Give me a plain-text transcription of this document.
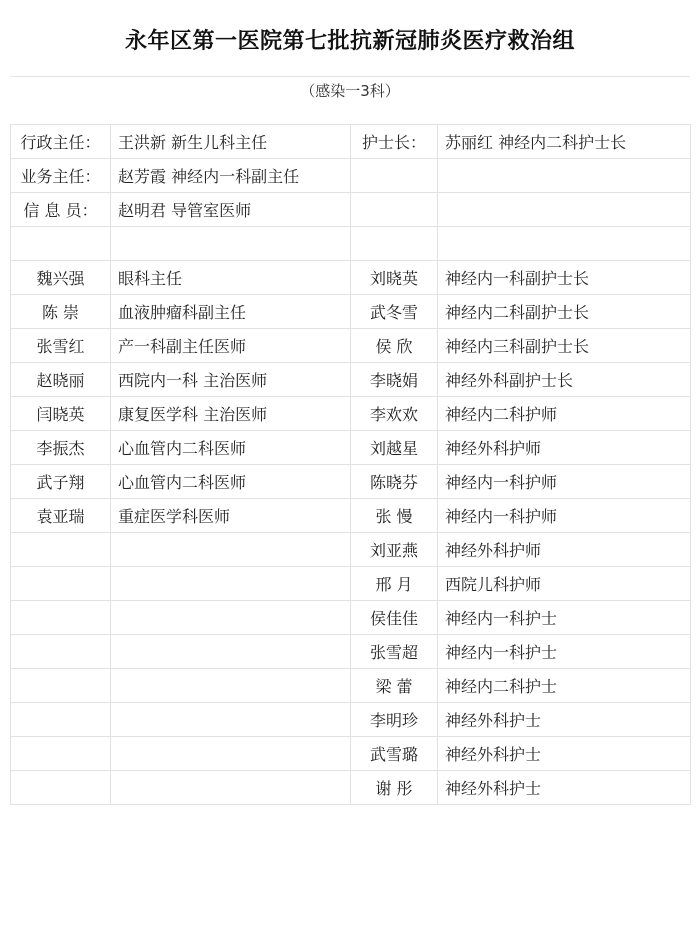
永年区第一医院第七批抗新冠肺炎医疗救治组
（感染一3科）
行政主任：	王洪新 新生儿科主任	护士长：	苏丽红 神经内二科护士长
业务主任：	赵芳霞 神经内一科副主任		
信 息 员：	赵明君 导管室医师		

魏兴强	眼科主任	刘晓英	神经内一科副护士长
陈 崇	血液肿瘤科副主任	武冬雪	神经内二科副护士长
张雪红	产一科副主任医师	侯 欣	神经内三科副护士长
赵晓丽	西院内一科 主治医师	李晓娟	神经外科副护士长
闫晓英	康复医学科 主治医师	李欢欢	神经内二科护师
李振杰	心血管内二科医师	刘越星	神经外科护师
武子翔	心血管内二科医师	陈晓芬	神经内一科护师
袁亚瑞	重症医学科医师	张 慢	神经内一科护师
		刘亚燕	神经外科护师
		邢 月	西院儿科护师
		侯佳佳	神经内一科护士
		张雪超	神经内一科护士
		梁 蕾	神经内二科护士
		李明珍	神经外科护士
		武雪璐	神经外科护士
		谢 彤	神经外科护士
